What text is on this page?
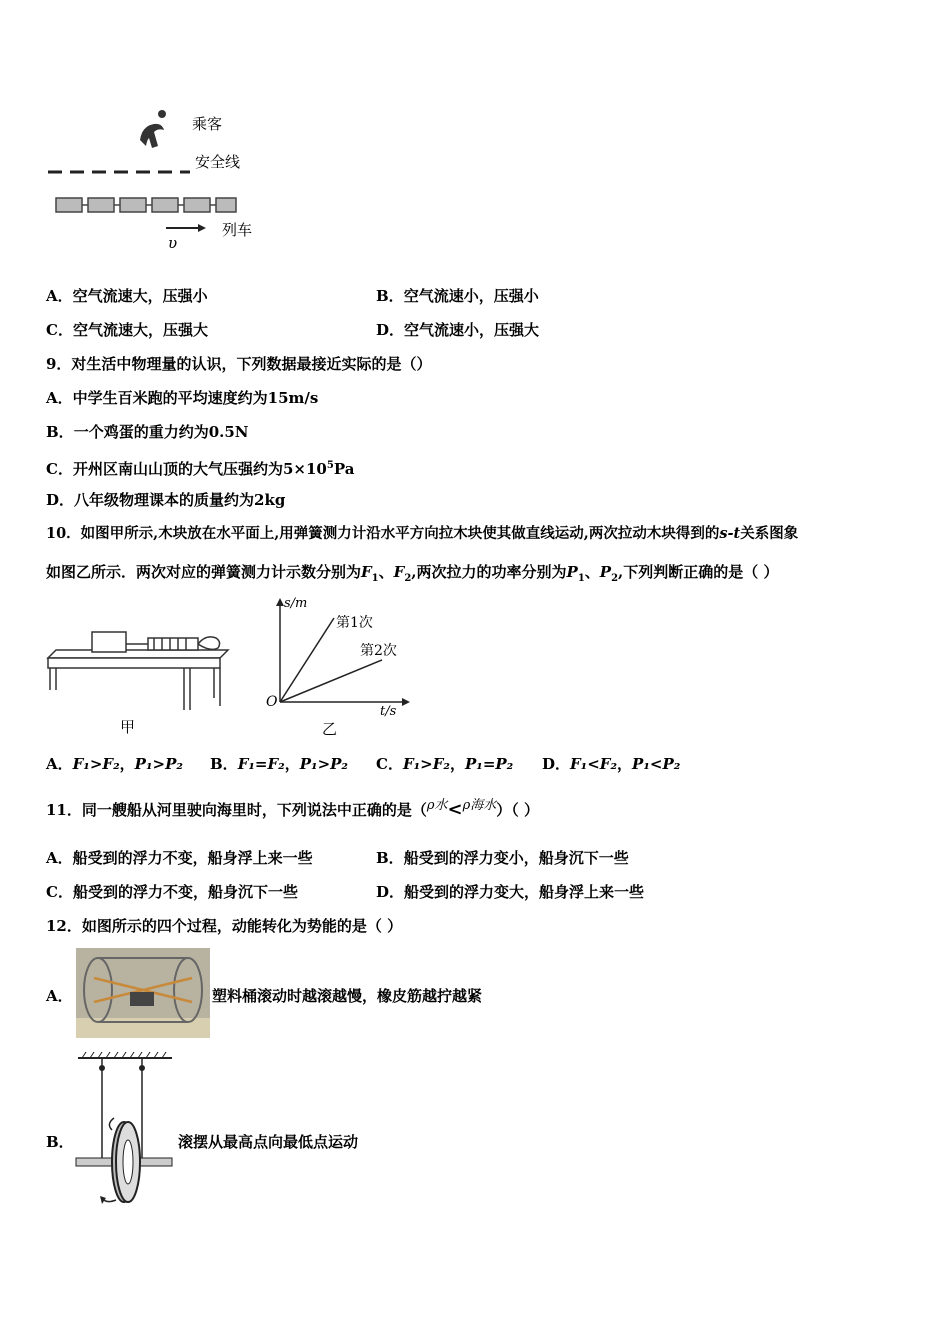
乘客
安全线
列车
υ
A．空气流速大，压强小	B．空气流速小，压强小
C．空气流速大，压强大	D．空气流速小，压强大
9．对生活中物理量的认识，下列数据最接近实际的是（）
A．中学生百米跑的平均速度约为15m/s
B．一个鸡蛋的重力约为0.5N
C．开州区南山山顶的大气压强约为$5\times 10^5Pa$
D．八年级物理课本的质量约为2kg
10．如图甲所示,木块放在水平面上,用弹簧测力计沿水平方向拉木块使其做直线运动,两次拉动木块得到的s-t关系图象
如图乙所示．两次对应的弹簧测力计示数分别为$F_1$、$F_2$,两次拉力的功率分别为$P_1$、$P_2$,下列判断正确的是（ ）
甲
s/m
t/s
O
第1次
第2次
乙
A．F₁>F₂，P₁>P₂ B．F₁=F₂，P₁>P₂ C．F₁>F₂，P₁=P₂ D．F₁<F₂，P₁<P₂
11．同一艘船从河里驶向海里时，下列说法中正确的是（ρ水<ρ海水）（ ）
A．船受到的浮力不变，船身浮上来一些	B．船受到的浮力变小，船身沉下一些
C．船受到的浮力不变，船身沉下一些	D．船受到的浮力变大，船身浮上来一些
12．如图所示的四个过程，动能转化为势能的是（ ）
A．	塑料桶滚动时越滚越慢，橡皮筋越拧越紧
B．	滚摆从最高点向最低点运动
